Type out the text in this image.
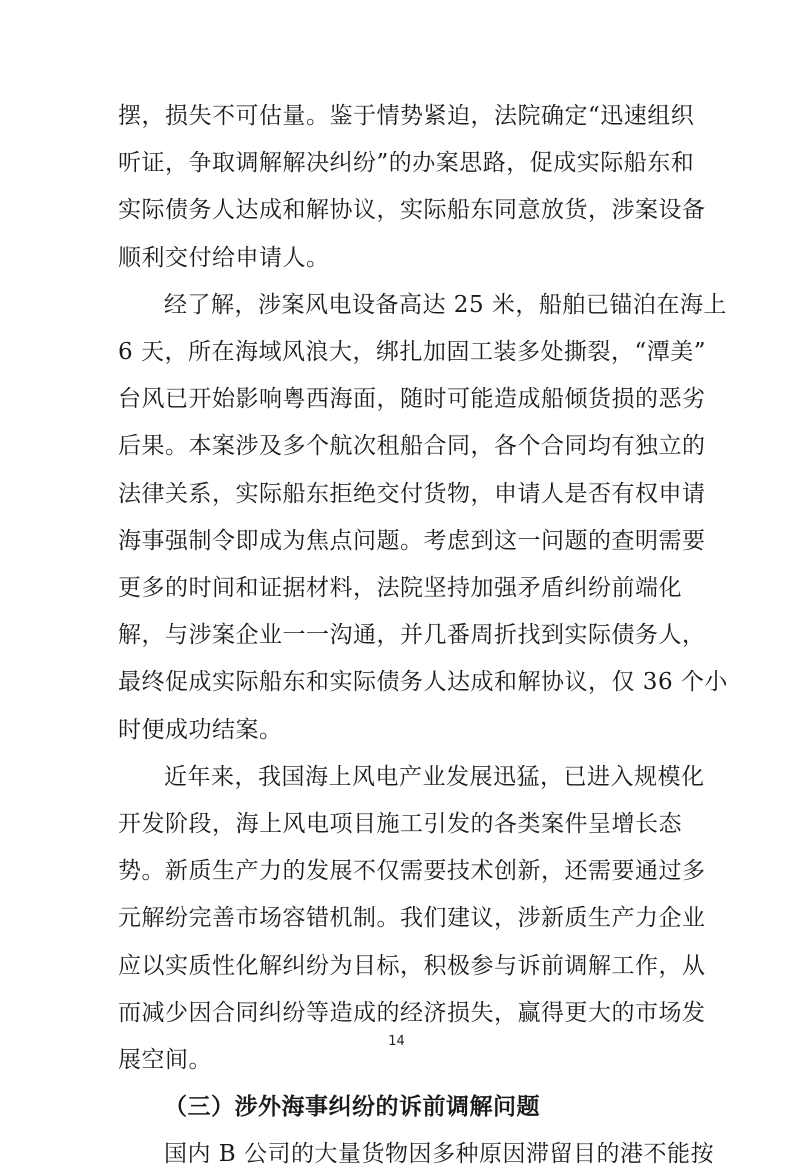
摆，损失不可估量。鉴于情势紧迫，法院确定“迅速组织
听证，争取调解解决纠纷”的办案思路，促成实际船东和
实际债务人达成和解协议，实际船东同意放货，涉案设备
顺利交付给申请人。
经了解，涉案风电设备高达 25 米，船舶已锚泊在海上
6 天，所在海域风浪大，绑扎加固工装多处撕裂，“潭美”
台风已开始影响粤西海面，随时可能造成船倾货损的恶劣
后果。本案涉及多个航次租船合同，各个合同均有独立的
法律关系，实际船东拒绝交付货物，申请人是否有权申请
海事强制令即成为焦点问题。考虑到这一问题的查明需要
更多的时间和证据材料，法院坚持加强矛盾纠纷前端化
解，与涉案企业一一沟通，并几番周折找到实际债务人，
最终促成实际船东和实际债务人达成和解协议，仅 36 个小
时便成功结案。
近年来，我国海上风电产业发展迅猛，已进入规模化
开发阶段，海上风电项目施工引发的各类案件呈增长态
势。新质生产力的发展不仅需要技术创新，还需要通过多
元解纷完善市场容错机制。我们建议，涉新质生产力企业
应以实质性化解纠纷为目标，积极参与诉前调解工作，从
而减少因合同纠纷等造成的经济损失，赢得更大的市场发
展空间。
（三）涉外海事纠纷的诉前调解问题
国内 B 公司的大量货物因多种原因滞留目的港不能按
14
